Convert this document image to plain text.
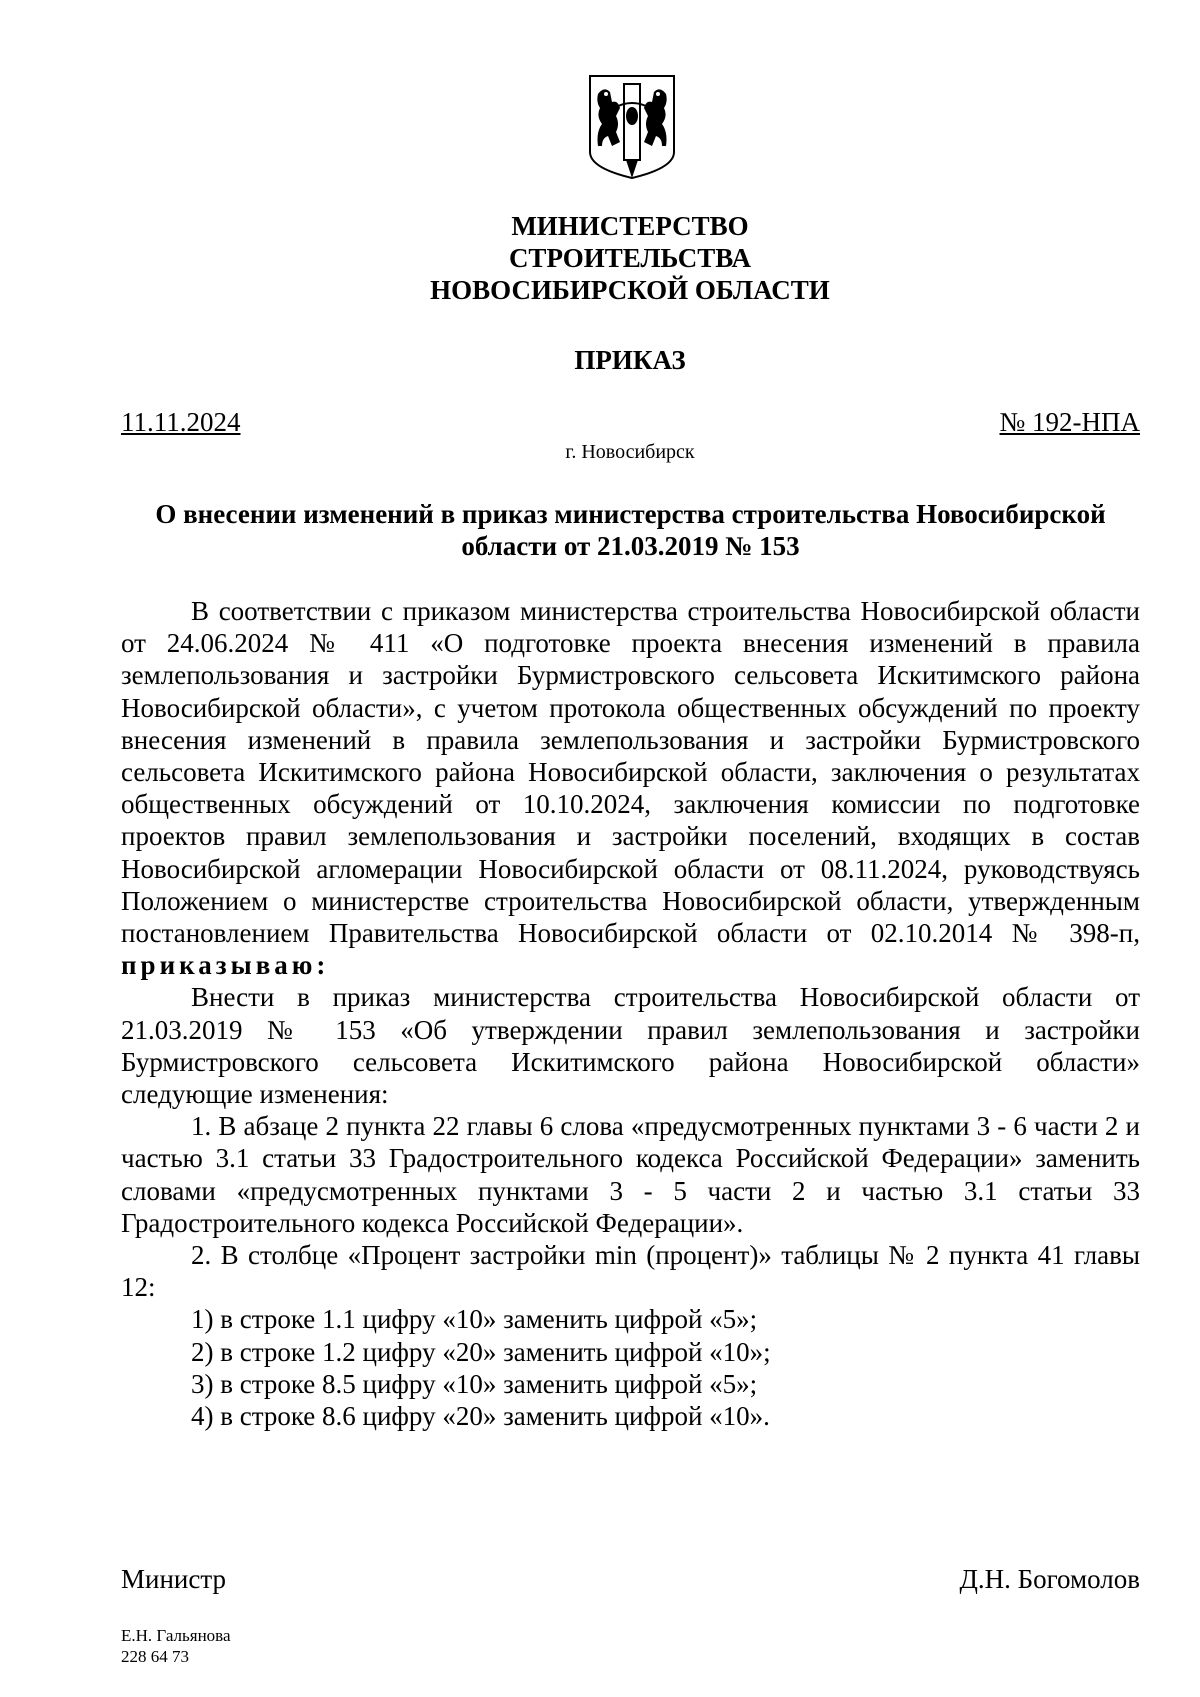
МИНИСТЕРСТВО
СТРОИТЕЛЬСТВА
НОВОСИБИРСКОЙ ОБЛАСТИ
ПРИКАЗ
11.11.2024	№ 192-НПА
г. Новосибирск
О внесении изменений в приказ министерства строительства Новосибирской области от 21.03.2019 № 153

В соответствии с приказом министерства строительства Новосибирской области от 24.06.2024 № 411 «О подготовке проекта внесения изменений в правила землепользования и застройки Бурмистровского сельсовета Искитимского района Новосибирской области», с учетом протокола общественных обсуждений по проекту внесения изменений в правила землепользования и застройки Бурмистровского сельсовета Искитимского района Новосибирской области, заключения о результатах общественных обсуждений от 10.10.2024, заключения комиссии по подготовке проектов правил землепользования и застройки поселений, входящих в состав Новосибирской агломерации Новосибирской области от 08.11.2024, руководствуясь Положением о министерстве строительства Новосибирской области, утвержденным постановлением Правительства Новосибирской области от 02.10.2014 № 398-п, приказываю:

Внести в приказ министерства строительства Новосибирской области от 21.03.2019 № 153 «Об утверждении правил землепользования и застройки Бурмистровского сельсовета Искитимского района Новосибирской области» следующие изменения:

1. В абзаце 2 пункта 22 главы 6 слова «предусмотренных пунктами 3 - 6 части 2 и частью 3.1 статьи 33 Градостроительного кодекса Российской Федерации» заменить словами «предусмотренных пунктами 3 - 5 части 2 и частью 3.1 статьи 33 Градостроительного кодекса Российской Федерации».

2. В столбце «Процент застройки min (процент)» таблицы № 2 пункта 41 главы 12:

1) в строке 1.1 цифру «10» заменить цифрой «5»;

2) в строке 1.2 цифру «20» заменить цифрой «10»;

3) в строке 8.5 цифру «10» заменить цифрой «5»;

4) в строке 8.6 цифру «20» заменить цифрой «10».

Министр	Д.Н. Богомолов
Е.Н. Гальянова
228 64 73
